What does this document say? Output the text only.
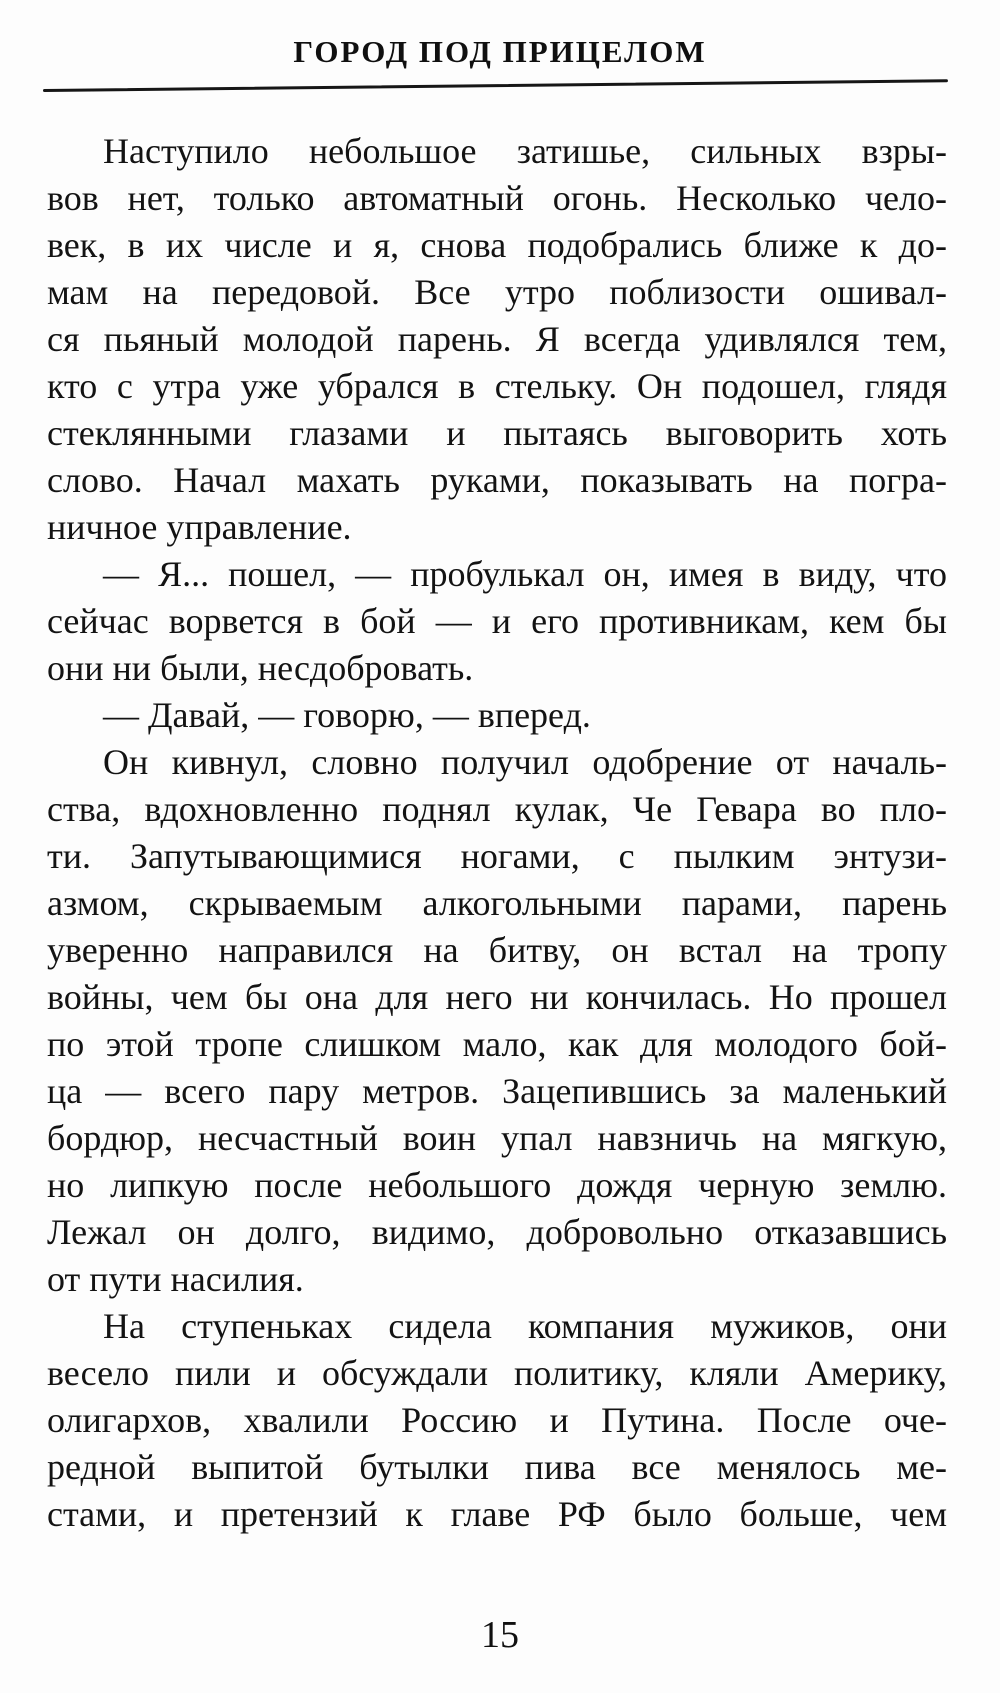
ГОРОД ПОД ПРИЦЕЛОМ
Наступило небольшое затишье, сильных взры-
вов нет, только автоматный огонь. Несколько чело-
век, в их числе и я, снова подобрались ближе к до-
мам на передовой. Все утро поблизости ошивал-
ся пьяный молодой парень. Я всегда удивлялся тем,
кто с утра уже убрался в стельку. Он подошел, глядя
стеклянными глазами и пытаясь выговорить хоть
слово. Начал махать руками, показывать на погра-
ничное управление.
— Я... пошел, — пробулькал он, имея в виду, что
сейчас ворвется в бой — и его противникам, кем бы
они ни были, несдобровать.
— Давай, — говорю, — вперед.
Он кивнул, словно получил одобрение от началь-
ства, вдохновленно поднял кулак, Че Гевара во пло-
ти. Запутывающимися ногами, с пылким энтузи-
азмом, скрываемым алкогольными парами, парень
уверенно направился на битву, он встал на тропу
войны, чем бы она для него ни кончилась. Но прошел
по этой тропе слишком мало, как для молодого бой-
ца — всего пару метров. Зацепившись за маленький
бордюр, несчастный воин упал навзничь на мягкую,
но липкую после небольшого дождя черную землю.
Лежал он долго, видимо, добровольно отказавшись
от пути насилия.
На ступеньках сидела компания мужиков, они
весело пили и обсуждали политику, кляли Америку,
олигархов, хвалили Россию и Путина. После оче-
редной выпитой бутылки пива все менялось ме-
стами, и претензий к главе РФ было больше, чем
15
